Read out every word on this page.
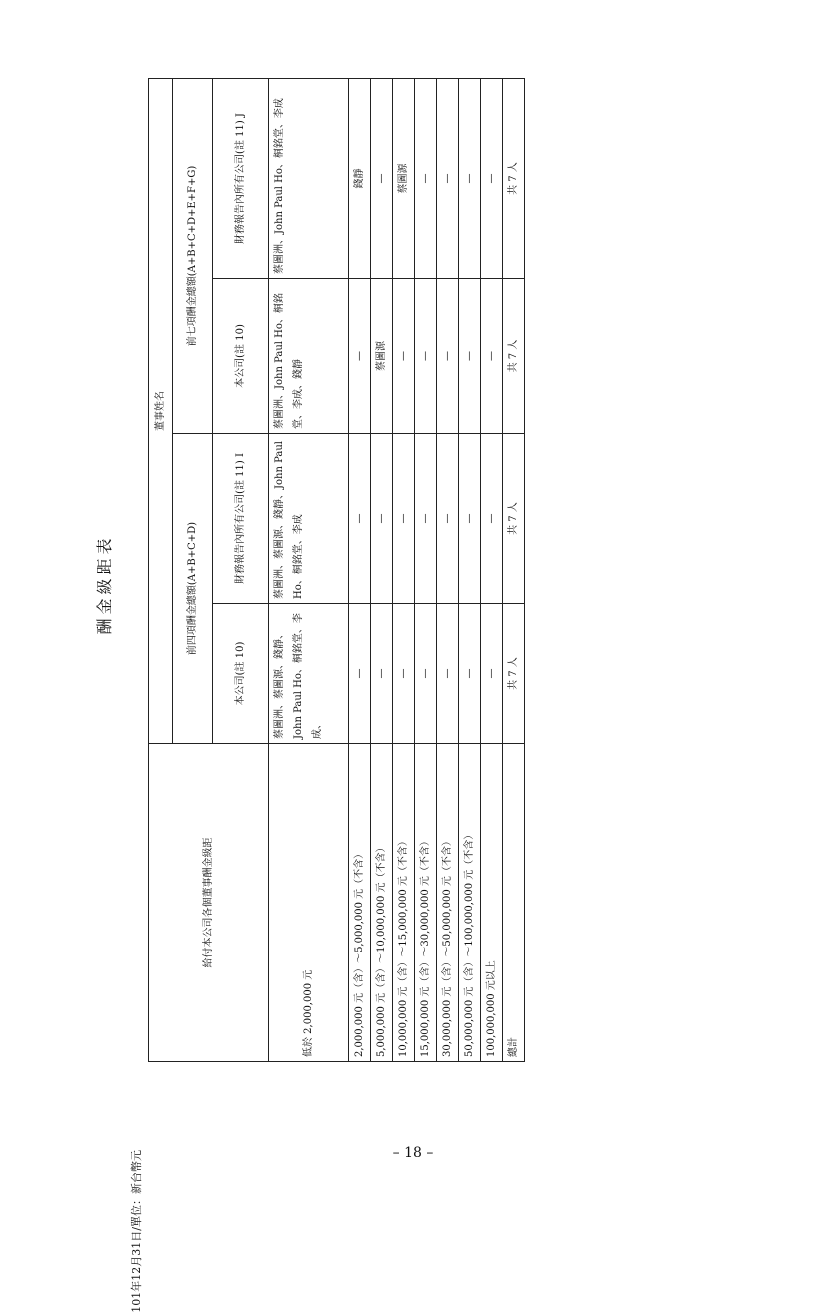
酬金級距表
101年12月31日/單位：新台幣元
給付本公司各個董事酬金級距	董事姓名			
	前四項酬金總額(A+B+C+D)		前七項酬金總額(A+B+C+D+E+F+G)	
	本公司(註 10)	財務報告內所有公司(註 11) I	本公司(註 10)	財務報告內所有公司(註 11) J
低於 2,000,000 元	蔡圖洲、蔡圖源、錢靜、John Paul Ho、桐銘堂、李成、	蔡圖洲、蔡圖源、錢靜、John Paul Ho、桐銘堂、李成	蔡圖洲、John Paul Ho、桐銘堂、李成、錢靜	蔡圖洲、John Paul Ho、桐銘堂、李成
2,000,000 元（含）～5,000,000 元（不含）	—	—	—	錢靜
5,000,000 元（含）～10,000,000 元（不含）	—	—	蔡圖源	—
10,000,000 元（含）～15,000,000 元（不含）	—	—	—	蔡圖源
15,000,000 元（含）～30,000,000 元（不含）	—	—	—	—
30,000,000 元（含）～50,000,000 元（不含）	—	—	—	—
50,000,000 元（含）～100,000,000 元（不含）	—	—	—	—
100,000,000 元以上	—	—	—	—
總計	共 7 人	共 7 人	共 7 人	共 7 人
– 18 –
